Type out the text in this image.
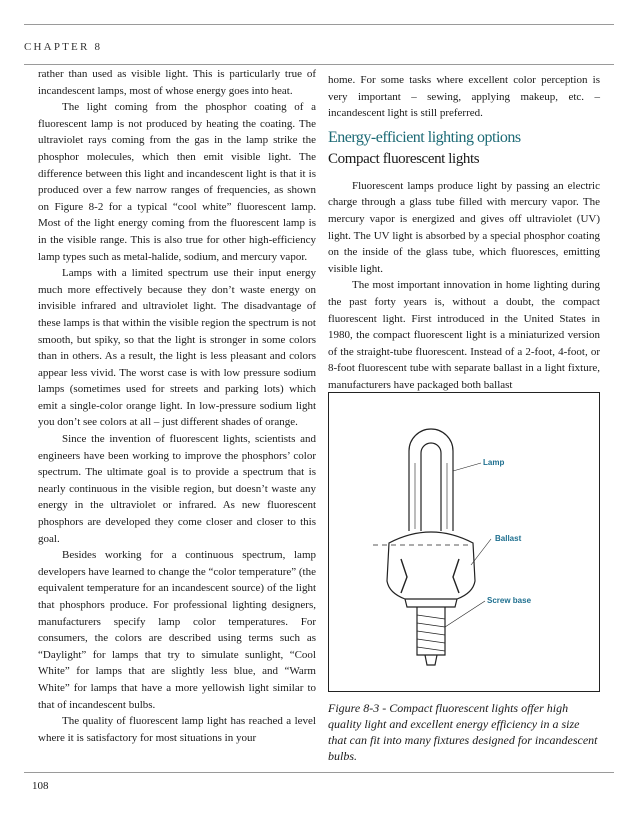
CHAPTER 8

rather than used as visible light. This is particularly true of incandescent lamps, most of whose energy goes into heat.

The light coming from the phosphor coating of a fluorescent lamp is not produced by heating the coating. The ultraviolet rays coming from the gas in the lamp strike the phosphor molecules, which then emit visible light. The difference between this light and incandescent light is that it is produced over a few narrow ranges of frequencies, as shown on Figure 8-2 for a typical “cool white” fluorescent lamp. Most of the light energy coming from the fluorescent lamp is in the visible range. This is also true for other high-efficiency lamp types such as metal-halide, sodium, and mercury vapor.

Lamps with a limited spectrum use their input energy much more effectively because they don’t waste energy on invisible infrared and ultraviolet light. The disadvantage of these lamps is that within the visible region the spectrum is not smooth, but spiky, so that the light is stronger in some colors than in others. As a result, the light is less pleasant and colors appear less vivid. The worst case is with low pressure sodium lamps (sometimes used for streets and parking lots) which emit a single-color orange light. In low-pressure sodium light you don’t see colors at all – just different shades of orange.

Since the invention of fluorescent lights, scientists and engineers have been working to improve the phosphors’ color spectrum. The ultimate goal is to provide a spectrum that is nearly continuous in the visible region, but doesn’t waste any energy in the ultraviolet or infrared. As new fluorescent phosphors are developed they come closer and closer to this goal.

Besides working for a continuous spectrum, lamp developers have learned to change the “color temperature” (the equivalent temperature for an incandescent source) of the light that phosphors produce. For professional lighting designers, manufacturers specify lamp color temperatures. For consumers, the colors are described using terms such as “Daylight” for lamps that try to simulate sunlight, “Cool White” for lamps that are slightly less blue, and “Warm White” for lamps that have a more yellowish light similar to that of incandescent bulbs.

The quality of fluorescent lamp light has reached a level where it is satisfactory for most situations in your

home. For some tasks where excellent color perception is very important – sewing, applying makeup, etc. – incandescent light is still preferred.

Energy-efficient lighting options
Compact fluorescent lights

Fluorescent lamps produce light by passing an electric charge through a glass tube filled with mercury vapor. The mercury vapor is energized and gives off ultraviolet (UV) light. The UV light is absorbed by a special phosphor coating on the inside of the glass tube, which fluoresces, emitting visible light.

The most important innovation in home lighting during the past forty years is, without a doubt, the compact fluorescent light. First introduced in the United States in 1980, the compact fluorescent light is a miniaturized version of the straight-tube fluorescent. Instead of a 2-foot, 4-foot, or 8-foot fluorescent tube with separate ballast in a light fixture, manufacturers have packaged both ballast

Lamp
Ballast
Screw base
Figure 8-3 - Compact fluorescent lights offer high quality light and excellent energy efficiency in a size that can fit into many fixtures designed for incandescent bulbs.
108
